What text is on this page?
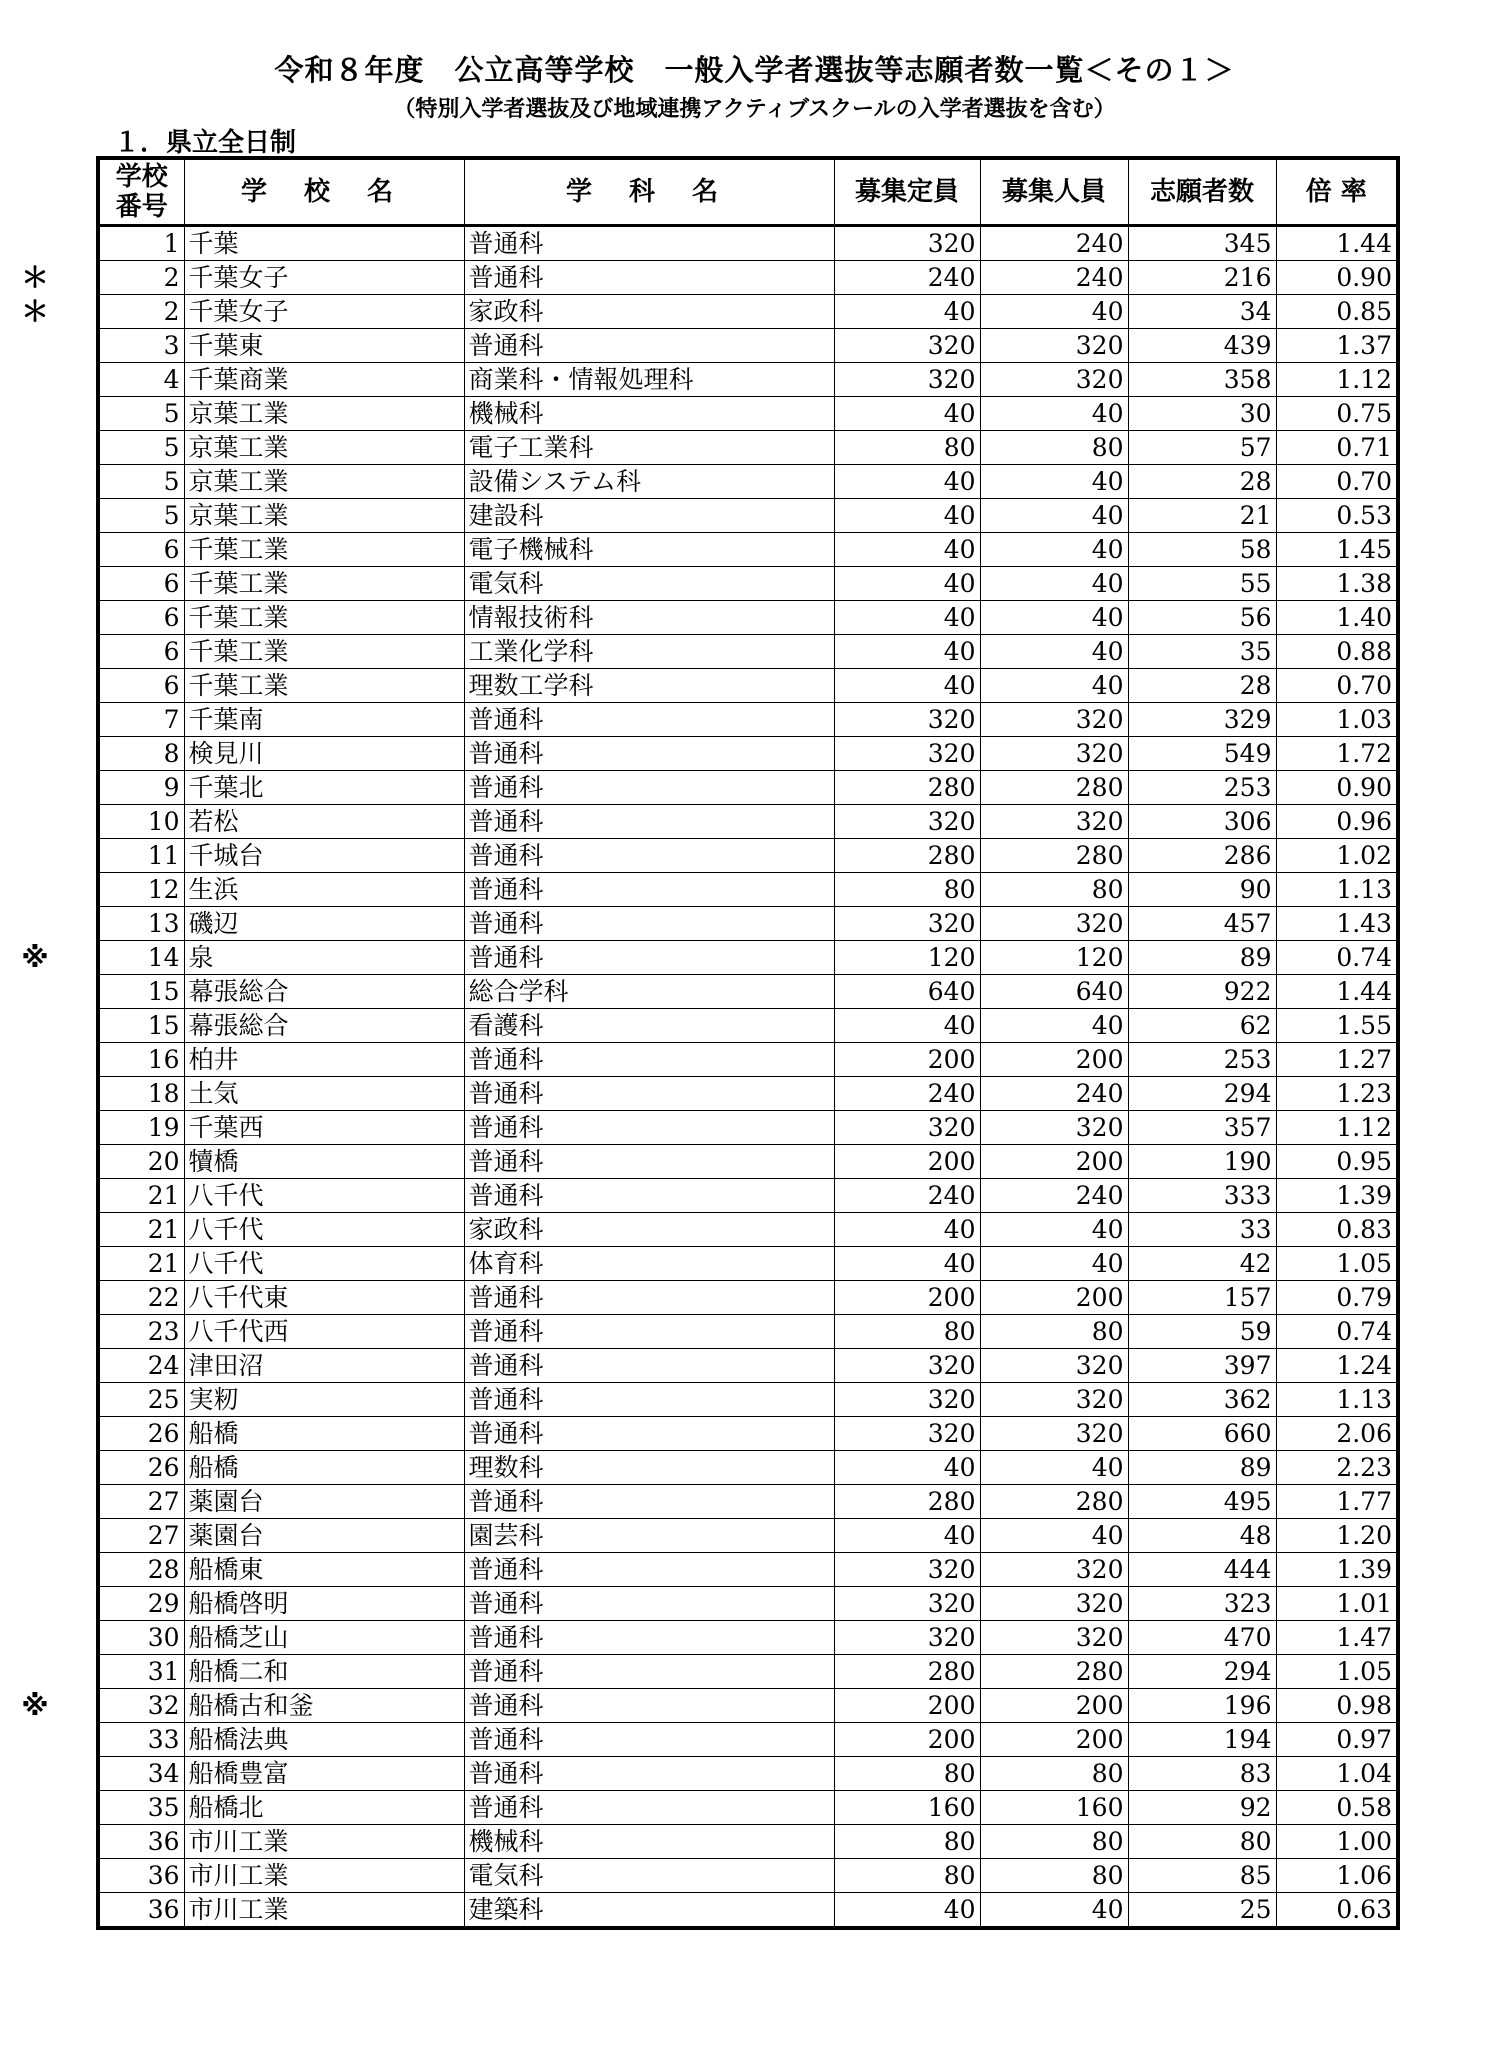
令和８年度　公立高等学校　一般入学者選抜等志願者数一覧＜その１＞
（特別入学者選抜及び地域連携アクティブスクールの入学者選抜を含む）
１．県立全日制
学校
番号	学 校 名	学 科 名	募集定員	募集人員	志願者数	倍 率
1	千葉	普通科	320	240	345	1.44

＊ 2	千葉女子	普通科	240	240	216	0.90

＊ 2	千葉女子	家政科	40	40	34	0.85
3	千葉東	普通科	320	320	439	1.37
4	千葉商業	商業科・情報処理科	320	320	358	1.12
5	京葉工業	機械科	40	40	30	0.75
5	京葉工業	電子工業科	80	80	57	0.71
5	京葉工業	設備システム科	40	40	28	0.70
5	京葉工業	建設科	40	40	21	0.53
6	千葉工業	電子機械科	40	40	58	1.45
6	千葉工業	電気科	40	40	55	1.38
6	千葉工業	情報技術科	40	40	56	1.40
6	千葉工業	工業化学科	40	40	35	0.88
6	千葉工業	理数工学科	40	40	28	0.70
7	千葉南	普通科	320	320	329	1.03
8	検見川	普通科	320	320	549	1.72
9	千葉北	普通科	280	280	253	0.90
10	若松	普通科	320	320	306	0.96
11	千城台	普通科	280	280	286	1.02
12	生浜	普通科	80	80	90	1.13
13	磯辺	普通科	320	320	457	1.43

※ 14	泉	普通科	120	120	89	0.74
15	幕張総合	総合学科	640	640	922	1.44
15	幕張総合	看護科	40	40	62	1.55
16	柏井	普通科	200	200	253	1.27
18	土気	普通科	240	240	294	1.23
19	千葉西	普通科	320	320	357	1.12
20	犢橋	普通科	200	200	190	0.95
21	八千代	普通科	240	240	333	1.39
21	八千代	家政科	40	40	33	0.83
21	八千代	体育科	40	40	42	1.05
22	八千代東	普通科	200	200	157	0.79
23	八千代西	普通科	80	80	59	0.74
24	津田沼	普通科	320	320	397	1.24
25	実籾	普通科	320	320	362	1.13
26	船橋	普通科	320	320	660	2.06
26	船橋	理数科	40	40	89	2.23
27	薬園台	普通科	280	280	495	1.77
27	薬園台	園芸科	40	40	48	1.20
28	船橋東	普通科	320	320	444	1.39
29	船橋啓明	普通科	320	320	323	1.01
30	船橋芝山	普通科	320	320	470	1.47
31	船橋二和	普通科	280	280	294	1.05

※ 32	船橋古和釜	普通科	200	200	196	0.98
33	船橋法典	普通科	200	200	194	0.97
34	船橋豊富	普通科	80	80	83	1.04
35	船橋北	普通科	160	160	92	0.58
36	市川工業	機械科	80	80	80	1.00
36	市川工業	電気科	80	80	85	1.06
36	市川工業	建築科	40	40	25	0.63
